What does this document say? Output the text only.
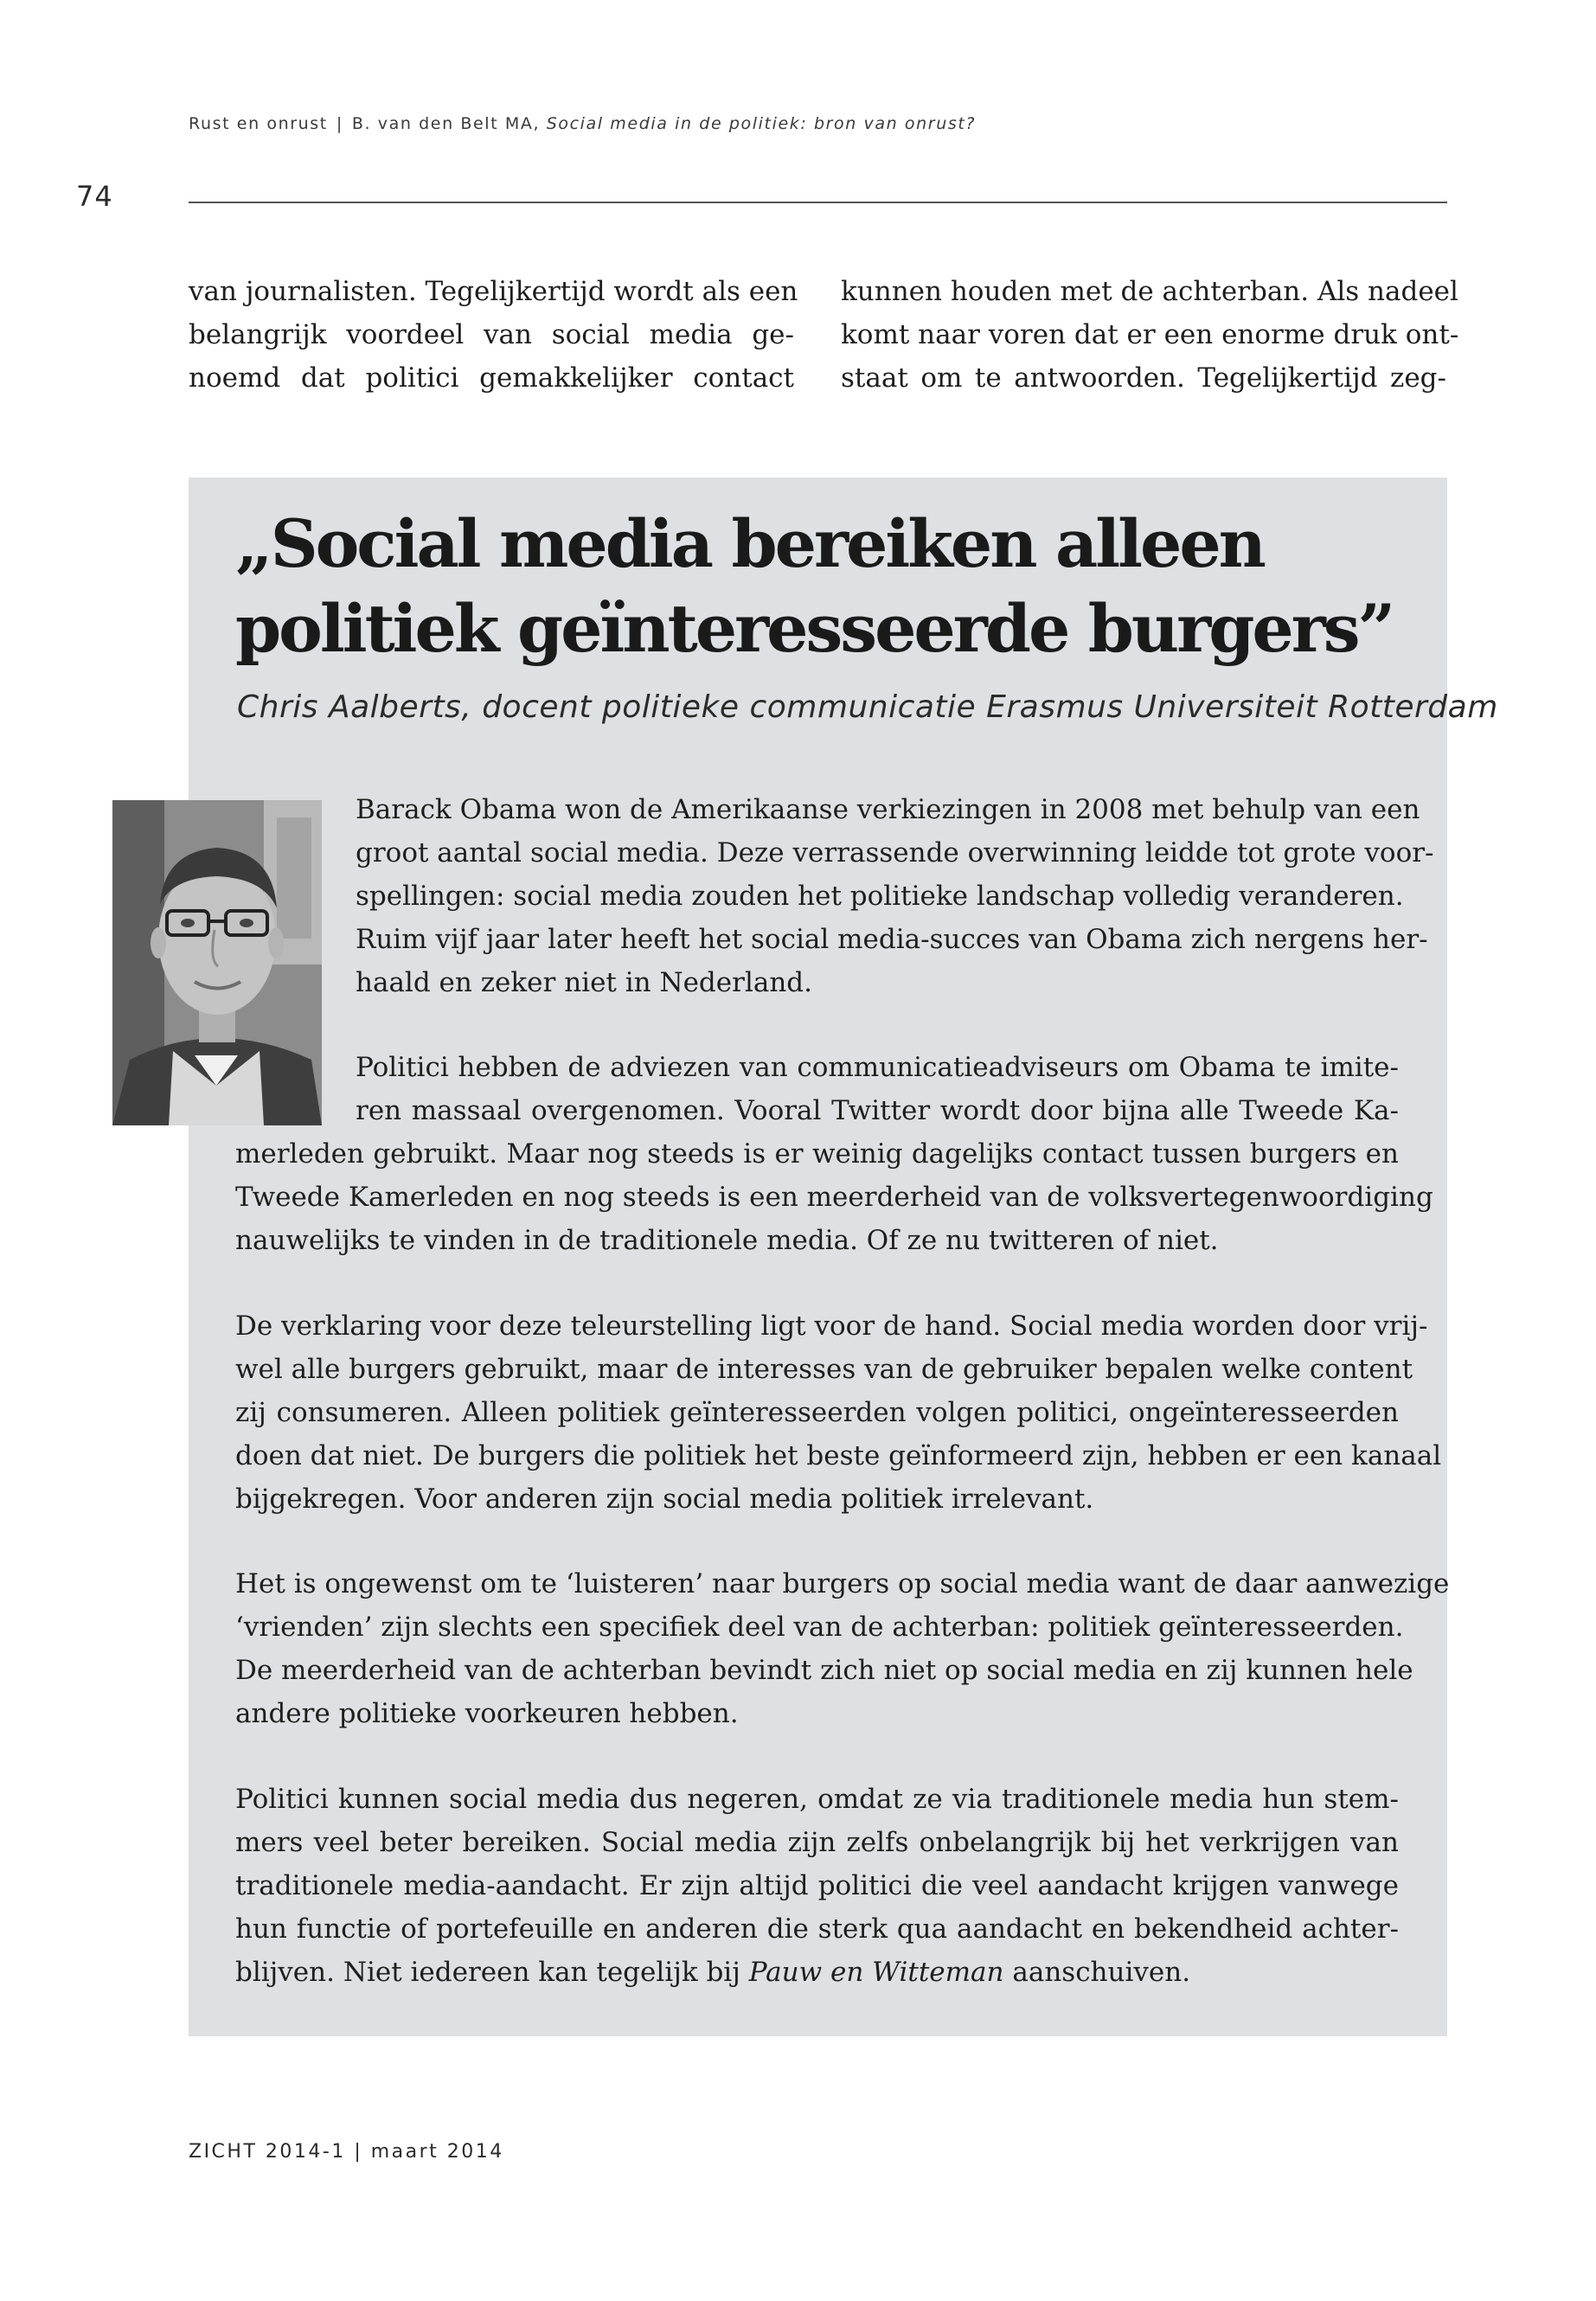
Rust en onrust | B. van den Belt MA, Social media in de politiek: bron van onrust?
74
van journalisten. Tegelijkertijd wordt als een
belangrijk voordeel van social media ge-
noemd dat politici gemakkelijker contact
kunnen houden met de achterban. Als nadeel
komt naar voren dat er een enorme druk ont-
staat om te antwoorden. Tegelijkertijd zeg-
„Social media bereiken alleen
politiek geïnteresseerde burgers”
Chris Aalberts, docent politieke communicatie Erasmus Universiteit Rotterdam
Barack Obama won de Amerikaanse verkiezingen in 2008 met behulp van een
groot aantal social media. Deze verrassende overwinning leidde tot grote voor-
spellingen: social media zouden het politieke landschap volledig veranderen.
Ruim vijf jaar later heeft het social media-succes van Obama zich nergens her-
haald en zeker niet in Nederland.
Politici hebben de adviezen van communicatieadviseurs om Obama te imite-
ren massaal overgenomen. Vooral Twitter wordt door bijna alle Tweede Ka-
merleden gebruikt. Maar nog steeds is er weinig dagelijks contact tussen burgers en
Tweede Kamerleden en nog steeds is een meerderheid van de volksvertegenwoordiging
nauwelijks te vinden in de traditionele media. Of ze nu twitteren of niet.
De verklaring voor deze teleurstelling ligt voor de hand. Social media worden door vrij-
wel alle burgers gebruikt, maar de interesses van de gebruiker bepalen welke content
zij consumeren. Alleen politiek geïnteresseerden volgen politici, ongeïnteresseerden
doen dat niet. De burgers die politiek het beste geïnformeerd zijn, hebben er een kanaal
bijgekregen. Voor anderen zijn social media politiek irrelevant.
Het is ongewenst om te ‘luisteren’ naar burgers op social media want de daar aanwezige
‘vrienden’ zijn slechts een specifiek deel van de achterban: politiek geïnteresseerden.
De meerderheid van de achterban bevindt zich niet op social media en zij kunnen hele
andere politieke voorkeuren hebben.
Politici kunnen social media dus negeren, omdat ze via traditionele media hun stem-
mers veel beter bereiken. Social media zijn zelfs onbelangrijk bij het verkrijgen van
traditionele media-aandacht. Er zijn altijd politici die veel aandacht krijgen vanwege
hun functie of portefeuille en anderen die sterk qua aandacht en bekendheid achter-
blijven. Niet iedereen kan tegelijk bij Pauw en Witteman aanschuiven.
ZICHT 2014-1 | maart 2014
